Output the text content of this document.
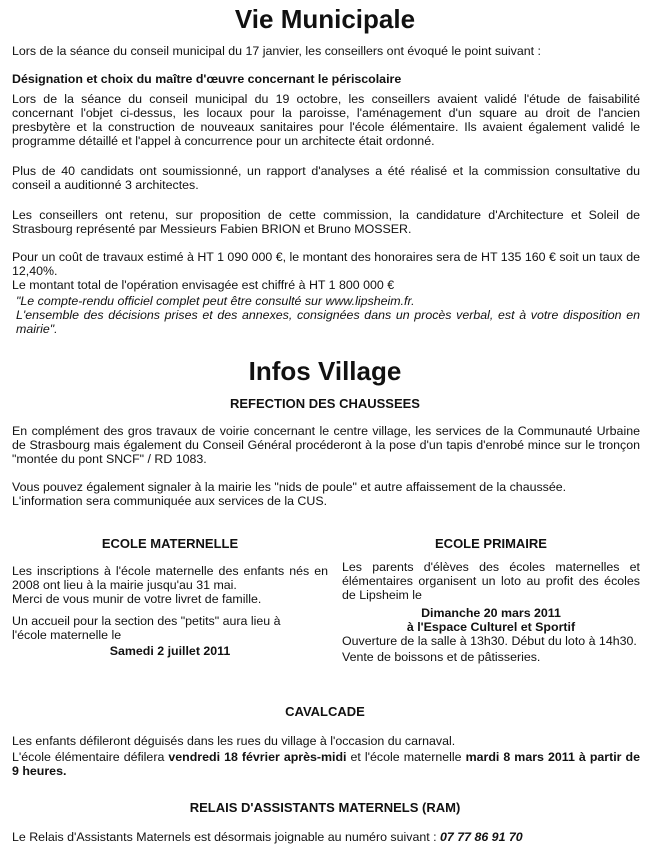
Vie Municipale

Lors de la séance du conseil municipal du 17 janvier, les conseillers ont évoqué le point suivant :

Désignation et choix du maître d'œuvre concernant le périscolaire

Lors de la séance du conseil municipal du 19 octobre, les conseillers avaient validé l'étude de faisabilité concernant l'objet ci-dessus, les locaux pour la paroisse, l'aménagement d'un square au droit de l'ancien presbytère et la construction de nouveaux sanitaires pour l'école élémentaire. Ils avaient également validé le programme détaillé et l'appel à concurrence pour un architecte était ordonné.

Plus de 40 candidats ont soumissionné, un rapport d'analyses a été réalisé et la commission consultative du conseil a auditionné 3 architectes.

Les conseillers ont retenu, sur proposition de cette commission, la candidature d'Architecture et Soleil de Strasbourg représenté par Messieurs Fabien BRION et Bruno MOSSER.

Pour un coût de travaux estimé à HT 1 090 000 €, le montant des honoraires sera de HT 135 160 € soit un taux de 12,40%.

Le montant total de l'opération envisagée est chiffré à HT 1 800 000 €

"Le compte-rendu officiel complet peut être consulté sur www.lipsheim.fr.

L'ensemble des décisions prises et des annexes, consignées dans un procès verbal, est à votre disposition en mairie".

Infos Village
REFECTION DES CHAUSSEES

En complément des gros travaux de voirie concernant le centre village, les services de la Communauté Urbaine de Strasbourg mais également du Conseil Général procéderont à la pose d'un tapis d'enrobé mince sur le tronçon "montée du pont SNCF" / RD 1083.

Vous pouvez également signaler à la mairie les "nids de poule" et autre affaissement de la chaussée.

L'information sera communiquée aux services de la CUS.

ECOLE MATERNELLE

Les inscriptions à l'école maternelle des enfants nés en 2008 ont lieu à la mairie jusqu'au 31 mai.

Merci de vous munir de votre livret de famille.

Un accueil pour la section des "petits" aura lieu à l'école maternelle le

Samedi 2 juillet 2011

ECOLE PRIMAIRE

Les parents d'élèves des écoles maternelles et élémentaires organisent un loto au profit des écoles de Lipsheim le

Dimanche 20 mars 2011

à l'Espace Culturel et Sportif

Ouverture de la salle à 13h30. Début du loto à 14h30.

Vente de boissons et de pâtisseries.

CAVALCADE

Les enfants défileront déguisés dans les rues du village à l'occasion du carnaval.

L'école élémentaire défilera vendredi 18 février après-midi et l'école maternelle mardi 8 mars 2011 à partir de 9 heures.

RELAIS D'ASSISTANTS MATERNELS (RAM)

Le Relais d'Assistants Maternels est désormais joignable au numéro suivant : 07 77 86 91 70
